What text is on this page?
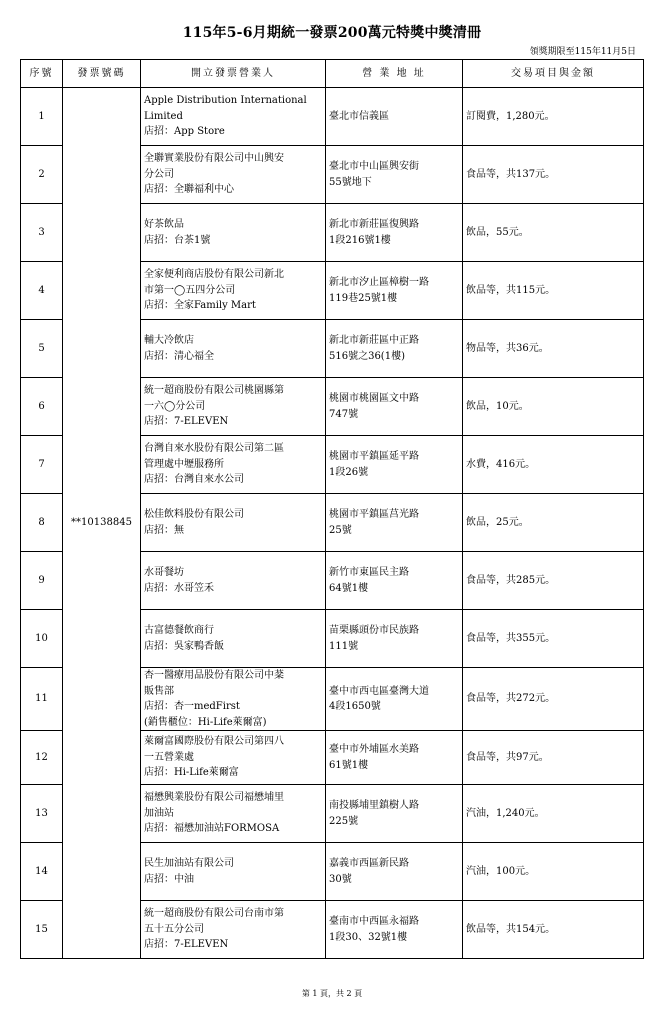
115年5-6月期統一發票200萬元特獎中獎清冊
領獎期限至115年11月5日
序號	發票號碼	開立發票營業人	營 業 地 址	交易項目與金額
1	**10138845	Apple Distribution International
Limited
店招：App Store	臺北市信義區	訂閱費，1,280元。
2		全聯實業股份有限公司中山興安
分公司
店招：全聯福利中心	臺北市中山區興安街
55號地下	食品等，共137元。
3		好茶飲品
店招：台茶1號	新北市新莊區復興路
1段216號1樓	飲品，55元。
4		全家便利商店股份有限公司新北
市第一◯五四分公司
店招：全家Family Mart	新北市汐止區樟樹一路
119巷25號1樓	飲品等，共115元。
5		輔大冷飲店
店招：清心福全	新北市新莊區中正路
516號之36(1樓)	物品等，共36元。
6		統一超商股份有限公司桃園縣第
一六◯分公司
店招：7-ELEVEN	桃園市桃園區文中路
747號	飲品，10元。
7		台灣自來水股份有限公司第二區
管理處中壢服務所
店招：台灣自來水公司	桃園市平鎮區延平路
1段26號	水費，416元。
8		松佳飲料股份有限公司
店招：無	桃園市平鎮區莒光路
25號	飲品，25元。
9		水哥餐坊
店招：水哥笠禾	新竹市東區民主路
64號1樓	食品等，共285元。
10		古富德餐飲商行
店招：吳家鴨香飯	苗栗縣頭份市民族路
111號	食品等，共355元。
11		杏一醫療用品股份有限公司中棻
販售部
店招：杏一medFirst
(銷售櫃位：Hi-Life萊爾富)	臺中市西屯區臺灣大道
4段1650號	食品等，共272元。
12		萊爾富國際股份有限公司第四八
一五營業處
店招：Hi-Life萊爾富	臺中市外埔區水美路
61號1樓	食品等，共97元。
13		福懋興業股份有限公司福懋埔里
加油站
店招：福懋加油站FORMOSA	南投縣埔里鎮樹人路
225號	汽油，1,240元。
14		民生加油站有限公司
店招：中油	嘉義市西區新民路
30號	汽油，100元。
15		統一超商股份有限公司台南市第
五十五分公司
店招：7-ELEVEN	臺南市中西區永福路
1段30、32號1樓	飲品等，共154元。
第 1 頁，共 2 頁
